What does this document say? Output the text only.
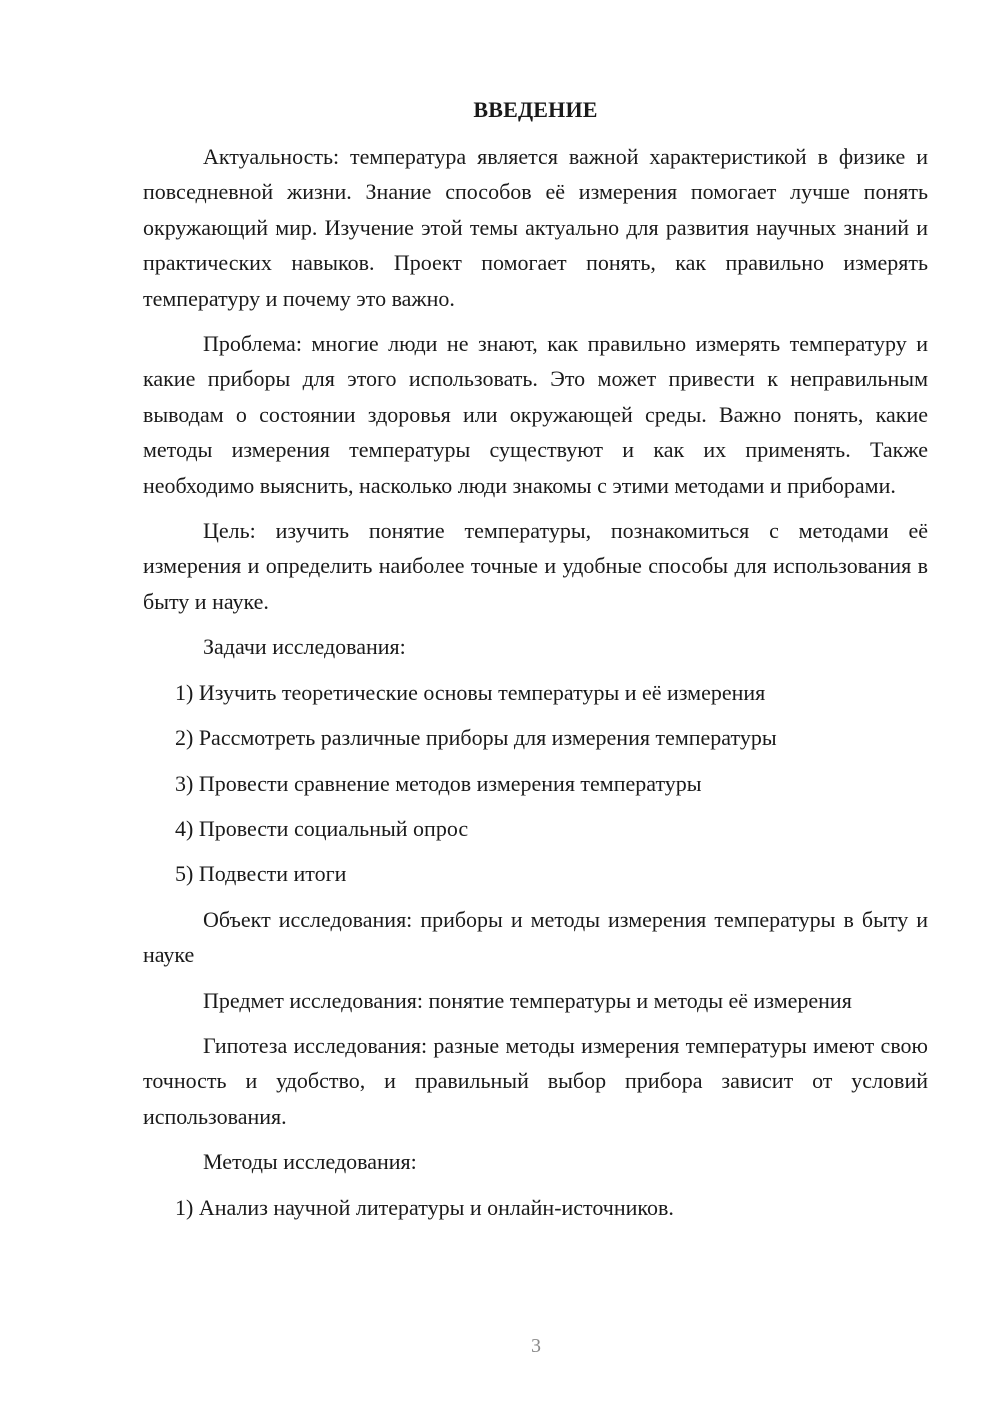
ВВЕДЕНИЕ

Актуальность: температура является важной характеристикой в физике и повседневной жизни. Знание способов её измерения помогает лучше понять окружающий мир. Изучение этой темы актуально для развития научных знаний и практических навыков. Проект помогает понять, как правильно измерять температуру и почему это важно.

Проблема: многие люди не знают, как правильно измерять температуру и какие приборы для этого использовать. Это может привести к неправильным выводам о состоянии здоровья или окружающей среды. Важно понять, какие методы измерения температуры существуют и как их применять. Также необходимо выяснить, насколько люди знакомы с этими методами и приборами.

Цель: изучить понятие температуры, познакомиться с методами её измерения и определить наиболее точные и удобные способы для использования в быту и науке.

Задачи исследования:

1) Изучить теоретические основы температуры и её измерения

2) Рассмотреть различные приборы для измерения температуры

3) Провести сравнение методов измерения температуры

4) Провести социальный опрос

5) Подвести итоги

Объект исследования: приборы и методы измерения температуры в быту и науке

Предмет исследования: понятие температуры и методы её измерения

Гипотеза исследования: разные методы измерения температуры имеют свою точность и удобство, и правильный выбор прибора зависит от условий использования.

Методы исследования:

1) Анализ научной литературы и онлайн-источников.

3
